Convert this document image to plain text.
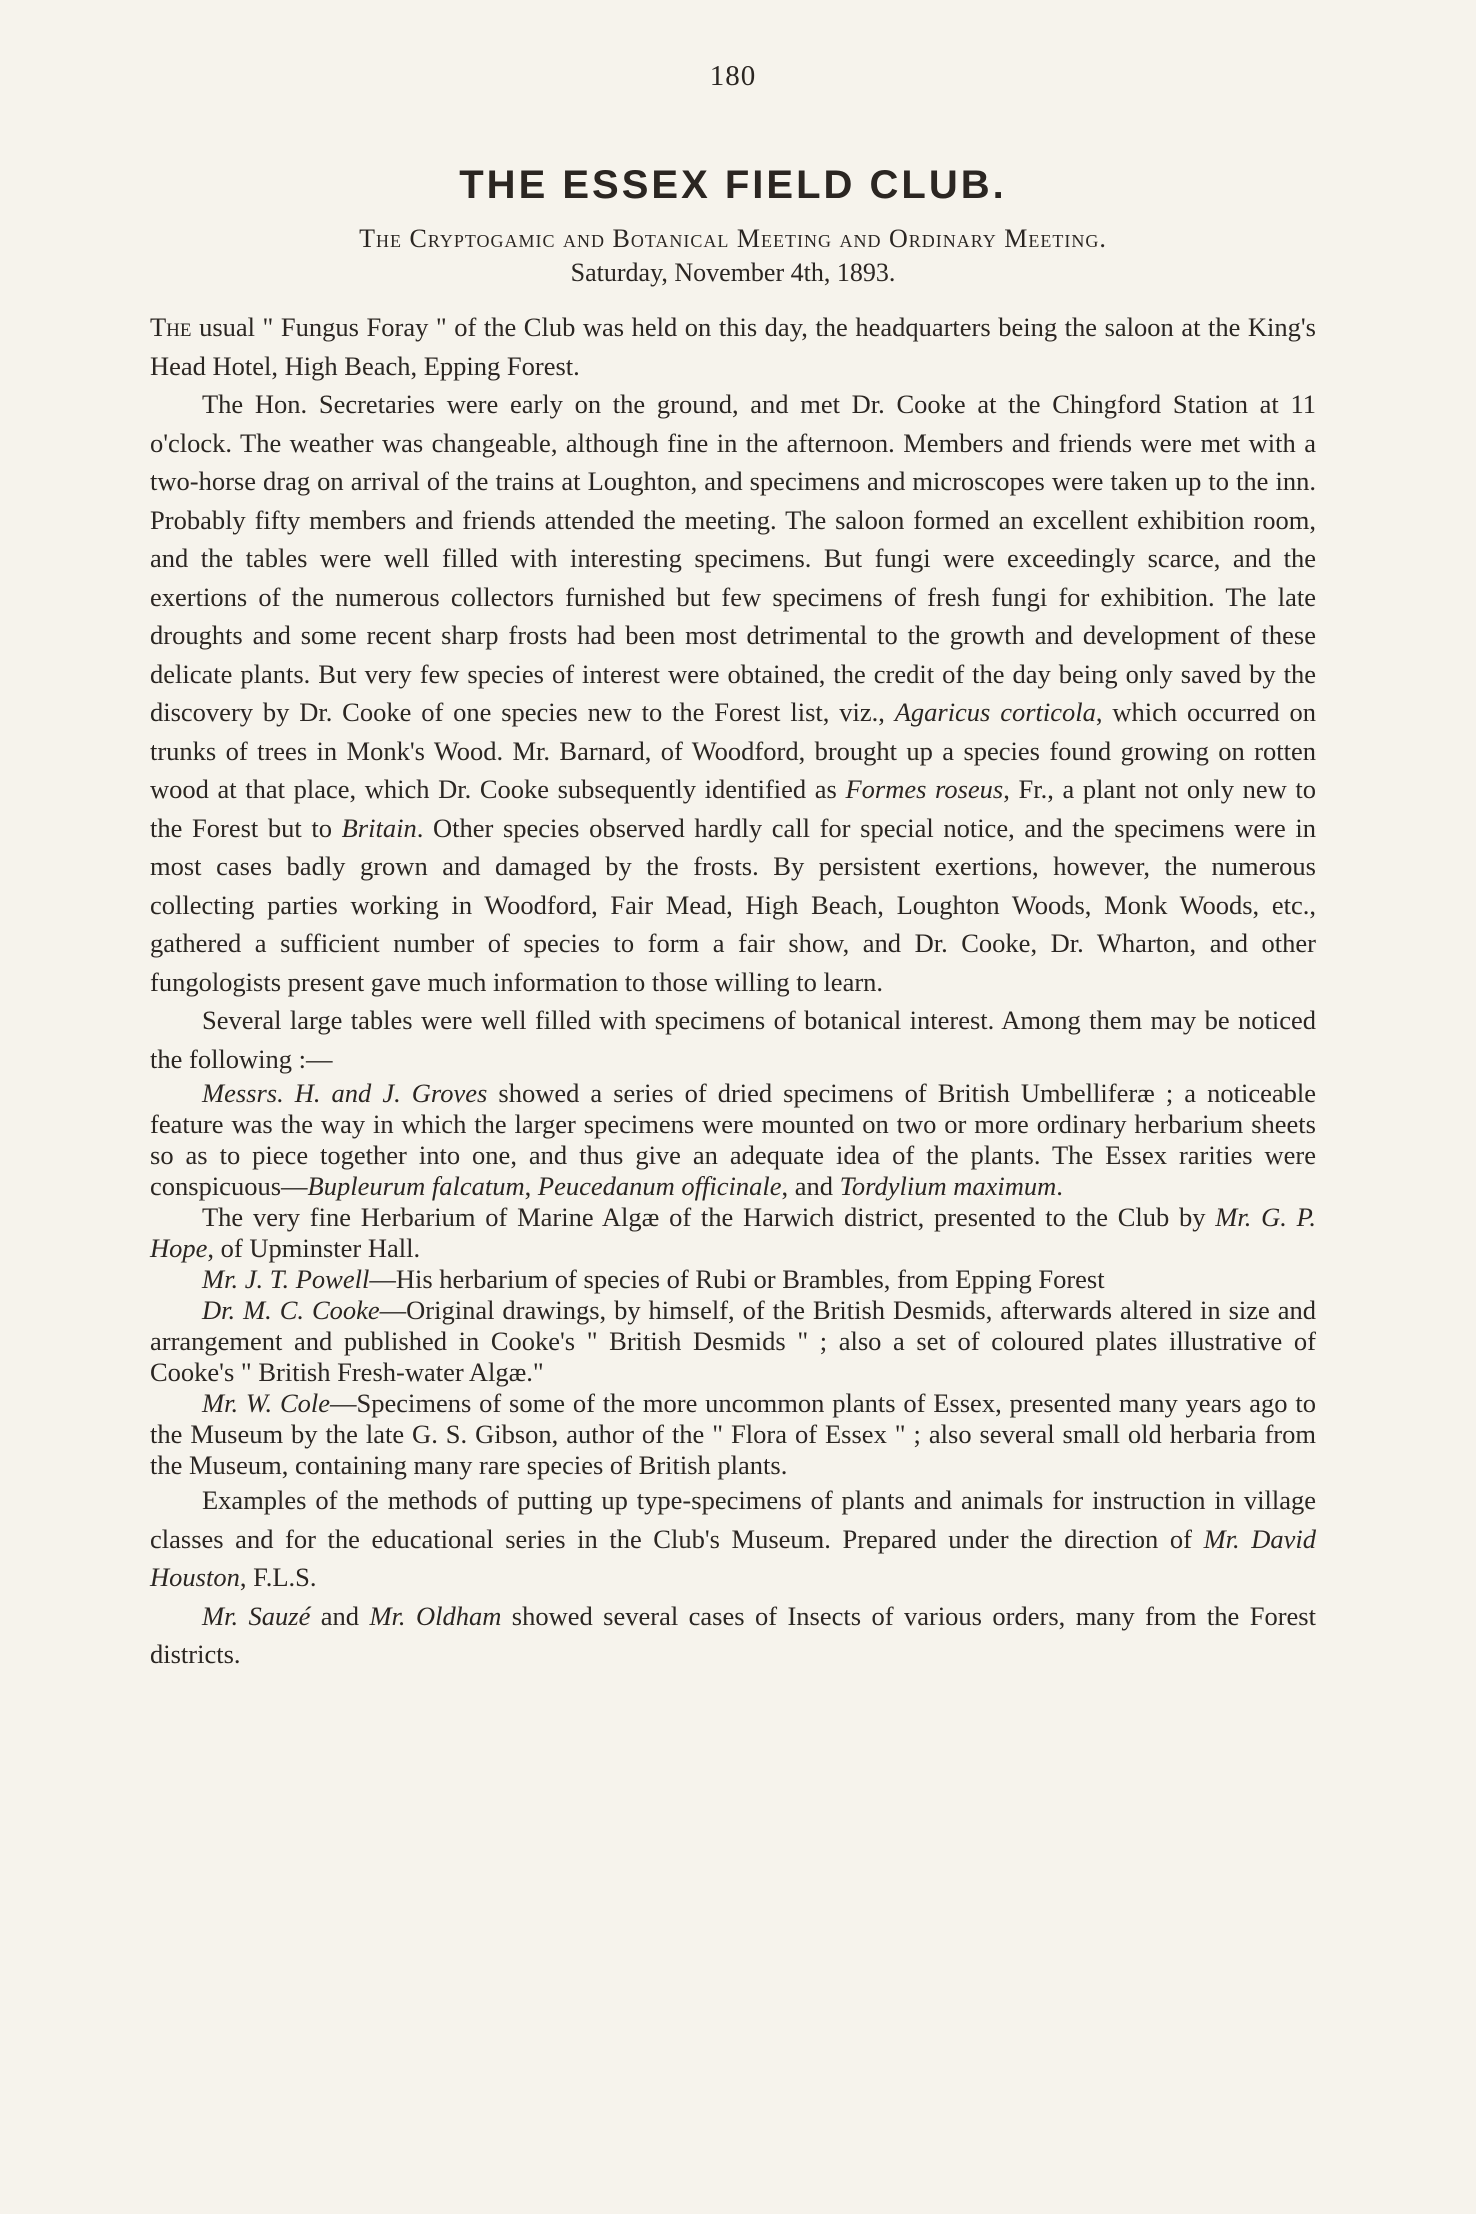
180
THE ESSEX FIELD CLUB.
The Cryptogamic and Botanical Meeting and Ordinary Meeting.
Saturday, November 4th, 1893.

The usual " Fungus Foray " of the Club was held on this day, the headquarters being the saloon at the King's Head Hotel, High Beach, Epping Forest.

The Hon. Secretaries were early on the ground, and met Dr. Cooke at the Chingford Station at 11 o'clock. The weather was changeable, although fine in the afternoon. Members and friends were met with a two-horse drag on arrival of the trains at Loughton, and specimens and microscopes were taken up to the inn. Probably fifty members and friends attended the meeting. The saloon formed an excellent exhibition room, and the tables were well filled with interesting specimens. But fungi were exceedingly scarce, and the exertions of the numerous collectors furnished but few specimens of fresh fungi for exhibition. The late droughts and some recent sharp frosts had been most detrimental to the growth and development of these delicate plants. But very few species of interest were obtained, the credit of the day being only saved by the discovery by Dr. Cooke of one species new to the Forest list, viz., Agaricus corticola, which occurred on trunks of trees in Monk's Wood. Mr. Barnard, of Woodford, brought up a species found growing on rotten wood at that place, which Dr. Cooke subsequently identified as Formes roseus, Fr., a plant not only new to the Forest but to Britain. Other species observed hardly call for special notice, and the specimens were in most cases badly grown and damaged by the frosts. By persistent exertions, however, the numerous collecting parties working in Woodford, Fair Mead, High Beach, Loughton Woods, Monk Woods, etc., gathered a sufficient number of species to form a fair show, and Dr. Cooke, Dr. Wharton, and other fungologists present gave much information to those willing to learn.

Several large tables were well filled with specimens of botanical interest. Among them may be noticed the following :—

Messrs. H. and J. Groves showed a series of dried specimens of British Umbelliferæ ; a noticeable feature was the way in which the larger specimens were mounted on two or more ordinary herbarium sheets so as to piece together into one, and thus give an adequate idea of the plants. The Essex rarities were conspicuous—Bupleurum falcatum, Peucedanum officinale, and Tordylium maximum.

The very fine Herbarium of Marine Algæ of the Harwich district, presented to the Club by Mr. G. P. Hope, of Upminster Hall.

Mr. J. T. Powell—His herbarium of species of Rubi or Brambles, from Epping Forest

Dr. M. C. Cooke—Original drawings, by himself, of the British Desmids, afterwards altered in size and arrangement and published in Cooke's " British Desmids " ; also a set of coloured plates illustrative of Cooke's " British Fresh-water Algæ."

Mr. W. Cole—Specimens of some of the more uncommon plants of Essex, presented many years ago to the Museum by the late G. S. Gibson, author of the " Flora of Essex " ; also several small old herbaria from the Museum, containing many rare species of British plants.

Examples of the methods of putting up type-specimens of plants and animals for instruction in village classes and for the educational series in the Club's Museum. Prepared under the direction of Mr. David Houston, F.L.S.

Mr. Sauzé and Mr. Oldham showed several cases of Insects of various orders, many from the Forest districts.
